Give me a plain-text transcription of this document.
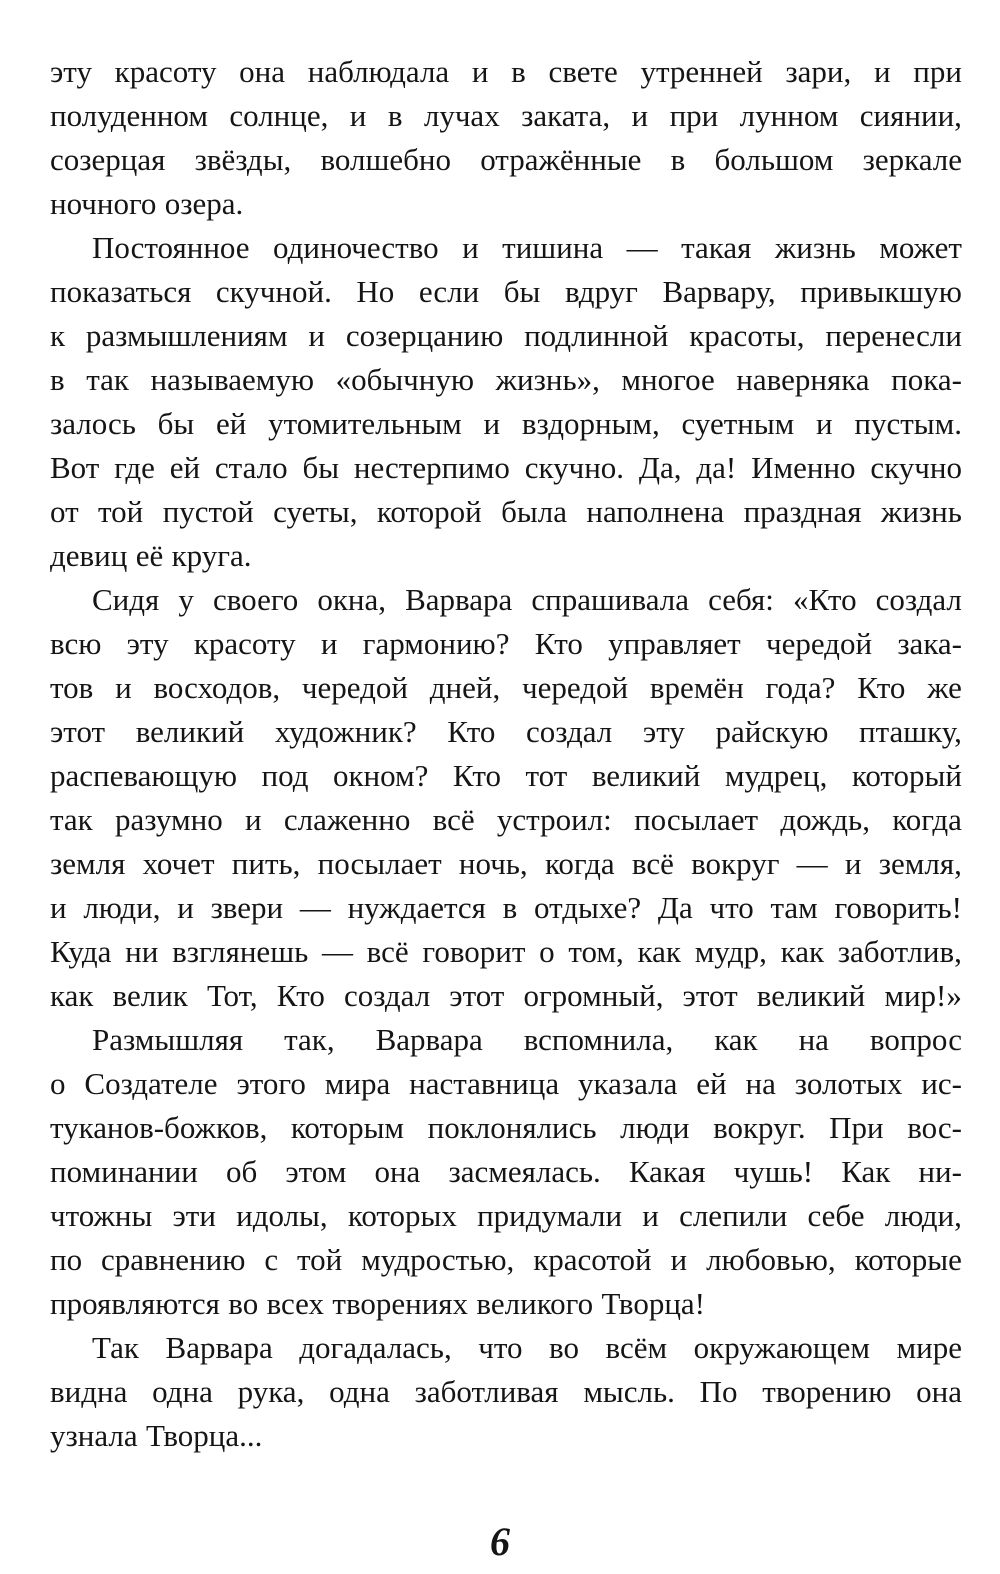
эту красоту она наблюдала и в свете утренней зари, и при
полуденном солнце, и в лучах заката, и при лунном сиянии,
созерцая звёзды, волшебно отражённые в большом зеркале
ночного озера.
Постоянное одиночество и тишина — такая жизнь может
показаться скучной. Но если бы вдруг Варвару, привыкшую
к размышлениям и созерцанию подлинной красоты, перенесли
в так называемую «обычную жизнь», многое наверняка пока-
залось бы ей утомительным и вздорным, суетным и пустым.
Вот где ей стало бы нестерпимо скучно. Да, да! Именно скучно
от той пустой суеты, которой была наполнена праздная жизнь
девиц её круга.
Сидя у своего окна, Варвара спрашивала себя: «Кто создал
всю эту красоту и гармонию? Кто управляет чередой зака-
тов и восходов, чередой дней, чередой времён года? Кто же
этот великий художник? Кто создал эту райскую пташку,
распевающую под окном? Кто тот великий мудрец, который
так разумно и слаженно всё устроил: посылает дождь, когда
земля хочет пить, посылает ночь, когда всё вокруг — и земля,
и люди, и звери — нуждается в отдыхе? Да что там говорить!
Куда ни взглянешь — всё говорит о том, как мудр, как заботлив,
как велик Тот, Кто создал этот огромный, этот великий мир!»
Размышляя так, Варвара вспомнила, как на вопрос
о Создателе этого мира наставница указала ей на золотых ис-
туканов-божков, которым поклонялись люди вокруг. При вос-
поминании об этом она засмеялась. Какая чушь! Как ни-
чтожны эти идолы, которых придумали и слепили себе люди,
по сравнению с той мудростью, красотой и любовью, которые
проявляются во всех творениях великого Творца!
Так Варвара догадалась, что во всём окружающем мире
видна одна рука, одна заботливая мысль. По творению она
узнала Творца...
6
